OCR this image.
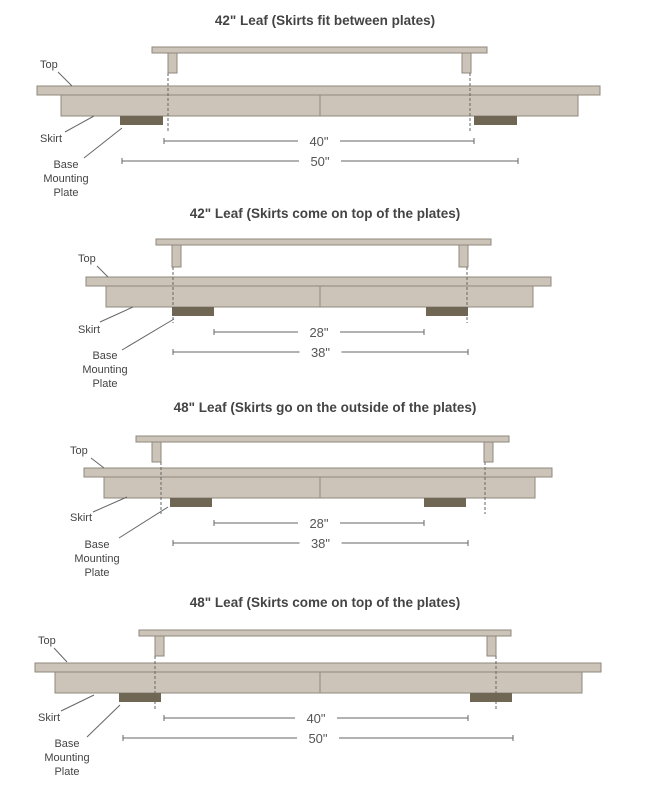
42" Leaf (Skirts fit between plates)
40"
50"
Top
Skirt
Base
Mounting
Plate
42" Leaf (Skirts come on top of the plates)
28"
38"
Top
Skirt
Base
Mounting
Plate
48" Leaf (Skirts go on the outside of the plates)
28"
38"
Top
Skirt
Base
Mounting
Plate
48" Leaf (Skirts come on top of the plates)
40"
50"
Top
Skirt
Base
Mounting
Plate
